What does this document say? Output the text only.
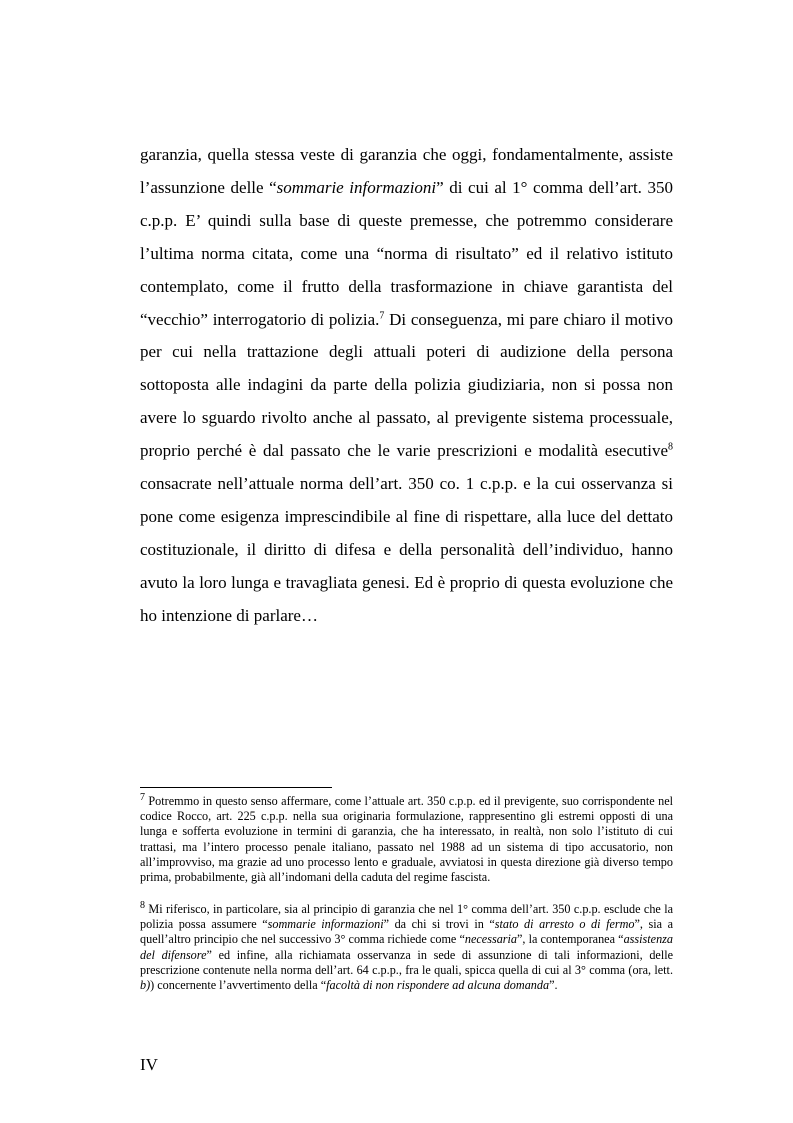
garanzia, quella stessa veste di garanzia che oggi, fondamentalmente, assiste l’assunzione delle “sommarie informazioni” di cui al 1° comma dell’art. 350 c.p.p. E’ quindi sulla base di queste premesse, che potremmo considerare l’ultima norma citata, come una “norma di risultato” ed il relativo istituto contemplato, come il frutto della trasformazione in chiave garantista del “vecchio” interrogatorio di polizia.$^7$ Di conseguenza, mi pare chiaro il motivo per cui nella trattazione degli attuali poteri di audizione della persona sottoposta alle indagini da parte della polizia giudiziaria, non si possa non avere lo sguardo rivolto anche al passato, al previgente sistema processuale, proprio perché è dal passato che le varie prescrizioni e modalità esecutive$^8$ consacrate nell’attuale norma dell’art. 350 co. 1 c.p.p. e la cui osservanza si pone come esigenza imprescindibile al fine di rispettare, alla luce del dettato costituzionale, il diritto di difesa e della personalità dell’individuo, hanno avuto la loro lunga e travagliata genesi. Ed è proprio di questa evoluzione che ho intenzione di parlare…

$^7$ Potremmo in questo senso affermare, come l’attuale art. 350 c.p.p. ed il previgente, suo corrispondente nel codice Rocco, art. 225 c.p.p. nella sua originaria formulazione, rappresentino gli estremi opposti di una lunga e sofferta evoluzione in termini di garanzia, che ha interessato, in realtà, non solo l’istituto di cui trattasi, ma l’intero processo penale italiano, passato nel 1988 ad un sistema di tipo accusatorio, non all’improvviso, ma grazie ad uno processo lento e graduale, avviatosi in questa direzione già diverso tempo prima, probabilmente, già all’indomani della caduta del regime fascista.

$^8$ Mi riferisco, in particolare, sia al principio di garanzia che nel 1° comma dell’art. 350 c.p.p. esclude che la polizia possa assumere “sommarie informazioni” da chi si trovi in “stato di arresto o di fermo”, sia a quell’altro principio che nel successivo 3° comma richiede come “necessaria”, la contemporanea “assistenza del difensore” ed infine, alla richiamata osservanza in sede di assunzione di tali informazioni, delle prescrizione contenute nella norma dell’art. 64 c.p.p., fra le quali, spicca quella di cui al 3° comma (ora, lett. b)) concernente l’avvertimento della “facoltà di non rispondere ad alcuna domanda”.

IV
